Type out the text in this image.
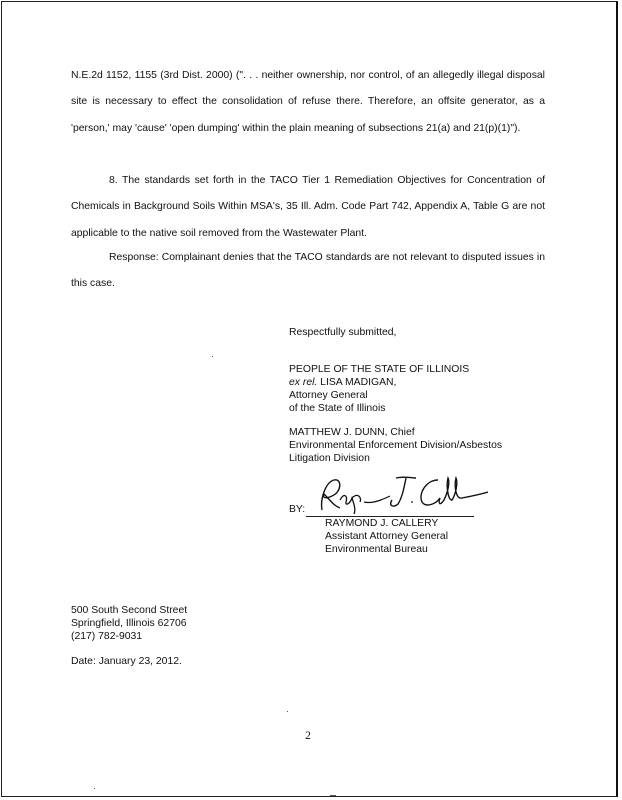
N.E.2d 1152, 1155 (3rd Dist. 2000) (". . . neither ownership, nor control, of an allegedly illegal disposal site is necessary to effect the consolidation of refuse there. Therefore, an offsite generator, as a 'person,' may 'cause' 'open dumping' within the plain meaning of subsections 21(a) and 21(p)(1)").

8. The standards set forth in the TACO Tier 1 Remediation Objectives for Concentration of Chemicals in Background Soils Within MSA's, 35 Ill. Adm. Code Part 742, Appendix A, Table G are not applicable to the native soil removed from the Wastewater Plant.

Response: Complainant denies that the TACO standards are not relevant to disputed issues in this case.

Respectfully submitted,
PEOPLE OF THE STATE OF ILLINOIS
ex rel. LISA MADIGAN,
Attorney General
of the State of Illinois
MATTHEW J. DUNN, Chief
Environmental Enforcement Division/Asbestos
Litigation Division
BY:
RAYMOND J. CALLERY
Assistant Attorney General
Environmental Bureau
500 South Second Street
Springfield, Illinois 62706
(217) 782-9031
Date: January 23, 2012.
2
